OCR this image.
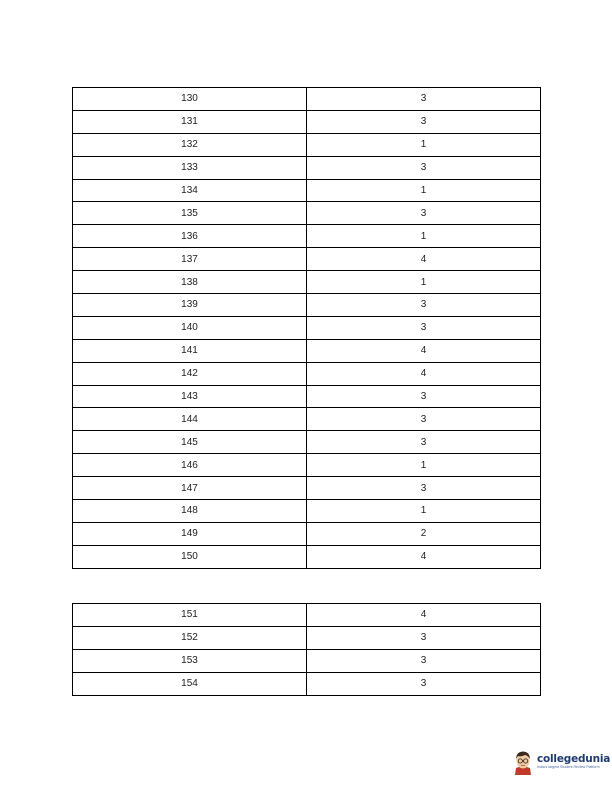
130	3
131	3
132	1
133	3
134	1
135	3
136	1
137	4
138	1
139	3
140	3
141	4
142	4
143	3
144	3
145	3
146	1
147	3
148	1
149	2
150	4
151	4
152	3
153	3
154	3
collegedunia
India's largest Student Review Platform
